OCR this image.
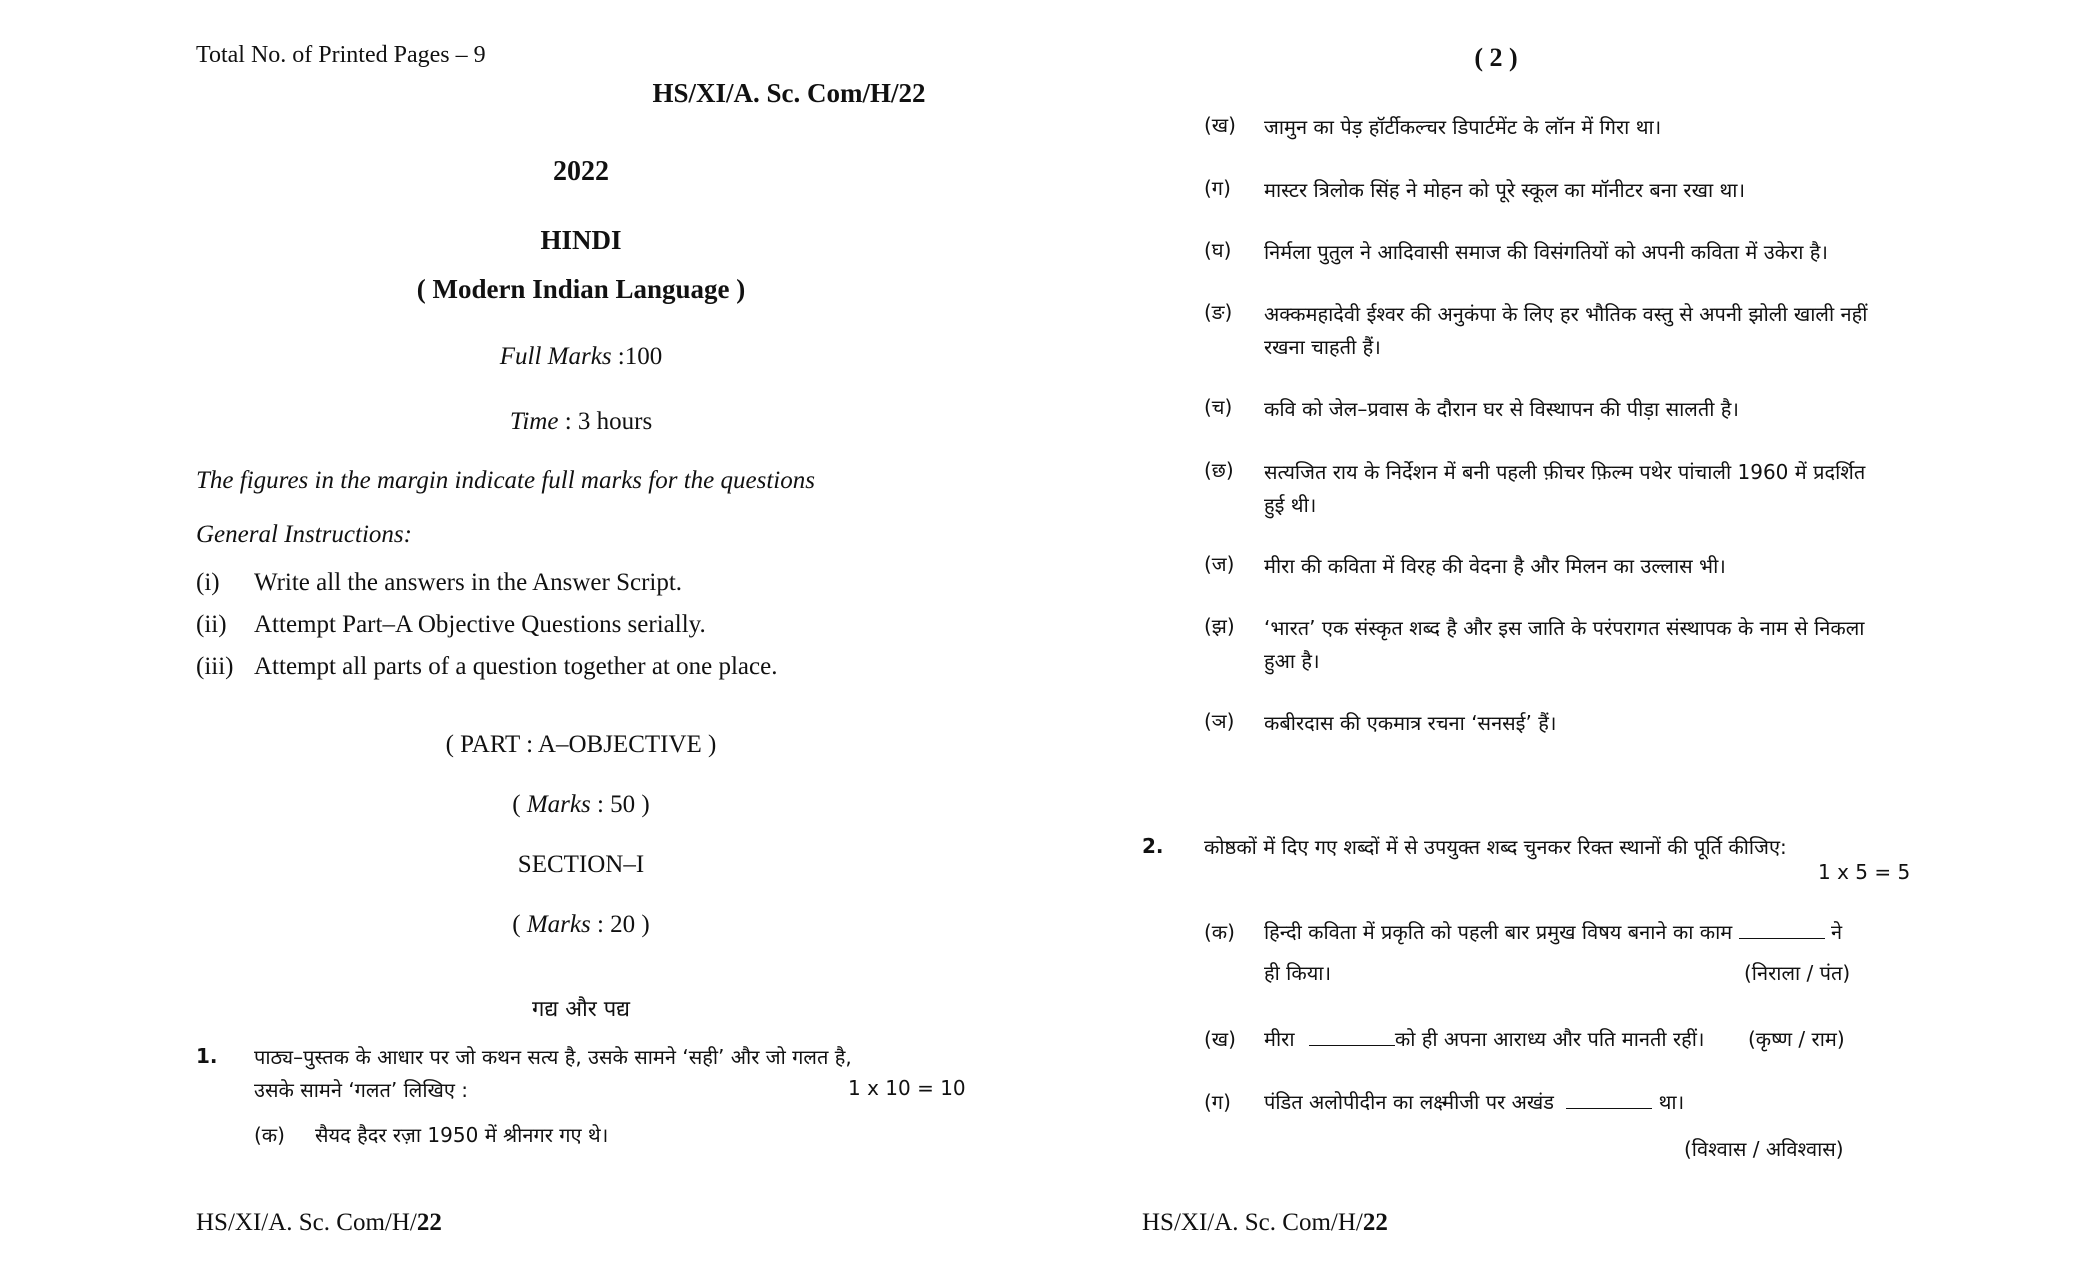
Total No. of Printed Pages – 9
HS/XI/A. Sc. Com/H/22
2022
HINDI
( Modern Indian Language )
Full Marks :100
Time : 3 hours
The figures in the margin indicate full marks for the questions
General Instructions:
(i) Write all the answers in the Answer Script.
(ii) Attempt Part–A Objective Questions serially.
(iii) Attempt all parts of a question together at one place.
( PART : A–OBJECTIVE )
( Marks : 50 )
SECTION–I
( Marks : 20 )
गद्य और पद्य
1. पाठ्य–पुस्तक के आधार पर जो कथन सत्य है, उसके सामने ‘सही’ और जो गलत है,
उसके सामने ‘गलत’ लिखिए :	1 x 10 = 10
(क) सैयद हैदर रज़ा 1950 में श्रीनगर गए थे।
HS/XI/A. Sc. Com/H/22
( 2 )
(ख) जामुन का पेड़ हॉर्टीकल्चर डिपार्टमेंट के लॉन में गिरा था।
(ग) मास्टर त्रिलोक सिंह ने मोहन को पूरे स्कूल का मॉनीटर बना रखा था।
(घ) निर्मला पुतुल ने आदिवासी समाज की विसंगतियों को अपनी कविता में उकेरा है।
(ङ) अक्कमहादेवी ईश्वर की अनुकंपा के लिए हर भौतिक वस्तु से अपनी झोली खाली नहीं रखना चाहती हैं।
(च) कवि को जेल–प्रवास के दौरान घर से विस्थापन की पीड़ा सालती है।
(छ) सत्यजित राय के निर्देशन में बनी पहली फ़ीचर फ़िल्म पथेर पांचाली 1960 में प्रदर्शित हुई थी।
(ज) मीरा की कविता में विरह की वेदना है और मिलन का उल्लास भी।
(झ) ‘भारत’ एक संस्कृत शब्द है और इस जाति के परंपरागत संस्थापक के नाम से निकला हुआ है।
(ञ) कबीरदास की एकमात्र रचना ‘सनसई’ हैं।
2. कोष्ठकों में दिए गए शब्दों में से उपयुक्त शब्द चुनकर रिक्त स्थानों की पूर्ति कीजिए:
1 x 5 = 5
(क) हिन्दी कविता में प्रकृति को पहली बार प्रमुख विषय बनाने का काम	ने
ही किया।	(निराला / पंत)
(ख) मीरा	को ही अपना आराध्य और पति मानती रहीं। (कृष्ण / राम)
(ग) पंडित अलोपीदीन का लक्ष्मीजी पर अखंड	था।
(विश्वास / अविश्वास)
HS/XI/A. Sc. Com/H/22
